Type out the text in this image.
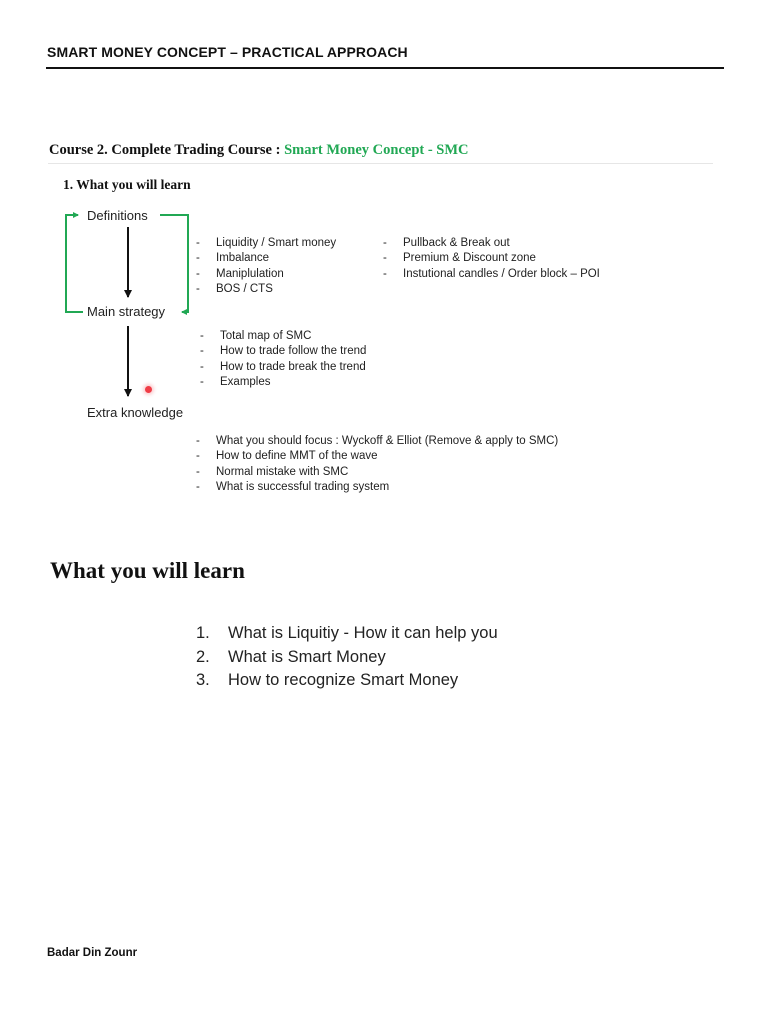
SMART MONEY CONCEPT – PRACTICAL APPROACH
Course 2. Complete Trading Course : Smart Money Concept - SMC
1. What you will learn
Definitions
Main strategy
Extra knowledge
- Liquidity / Smart money
- Imbalance
- Maniplulation
- BOS / CTS
- Pullback & Break out
- Premium & Discount zone
- Instutional candles / Order block – POI
- Total map of SMC
- How to trade follow the trend
- How to trade break the trend
- Examples
- What you should focus : Wyckoff & Elliot (Remove & apply to SMC)
- How to define MMT of the wave
- Normal mistake with SMC
- What is successful trading system
What you will learn
1. What is Liquitiy - How it can help you
2. What is Smart Money
3. How to recognize Smart Money
Badar Din Zounr
